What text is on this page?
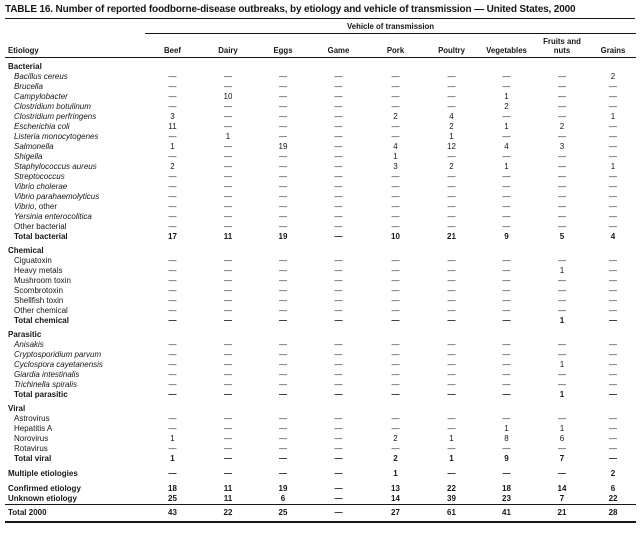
TABLE 16. Number of reported foodborne-disease outbreaks, by etiology and vehicle of transmission — United States, 2000
	Vehicle of transmission								
Etiology	Beef	Dairy	Eggs	Game	Pork	Poultry	Vegetables	Fruits and nuts	Grains
Bacterial									
Bacillus cereus	—	—	—	—	—	—	—	—	2
Brucella	—	—	—	—	—	—	—	—	—
Campylobacter	—	10	—	—	—	—	1	—	—
Clostridium botulinum	—	—	—	—	—	—	2	—	—
Clostridium perfringens	3	—	—	—	2	4	—	—	1
Escherichia coli	11	—	—	—	—	2	1	2	—
Listeria monocytogenes	—	1	—	—	—	1	—	—	—
Salmonella	1	—	19	—	4	12	4	3	—
Shigella	—	—	—	—	1	—	—	—	—
Staphylococcus aureus	2	—	—	—	3	2	1	—	1
Streptococcus	—	—	—	—	—	—	—	—	—
Vibrio cholerae	—	—	—	—	—	—	—	—	—
Vibrio parahaemolyticus	—	—	—	—	—	—	—	—	—
Vibrio, other	—	—	—	—	—	—	—	—	—
Yersinia enterocolitica	—	—	—	—	—	—	—	—	—
Other bacterial	—	—	—	—	—	—	—	—	—
Total bacterial	17	11	19	—	10	21	9	5	4
Chemical									
Ciguatoxin	—	—	—	—	—	—	—	—	—
Heavy metals	—	—	—	—	—	—	—	1	—
Mushroom toxin	—	—	—	—	—	—	—	—	—
Scombrotoxin	—	—	—	—	—	—	—	—	—
Shellfish toxin	—	—	—	—	—	—	—	—	—
Other chemical	—	—	—	—	—	—	—	—	—
Total chemical	—	—	—	—	—	—	—	1	—
Parasitic									
Anisakis	—	—	—	—	—	—	—	—	—
Cryptosporidium parvum	—	—	—	—	—	—	—	—	—
Cyclospora cayetanensis	—	—	—	—	—	—	—	1	—
Giardia intestinalis	—	—	—	—	—	—	—	—	—
Trichinella spiralis	—	—	—	—	—	—	—	—	—
Total parasitic	—	—	—	—	—	—	—	1	—
Viral									
Astrovirus	—	—	—	—	—	—	—	—	—
Hepatitis A	—	—	—	—	—	—	1	1	—
Norovirus	1	—	—	—	2	1	8	6	—
Rotavirus	—	—	—	—	—	—	—	—	—
Total viral	1	—	—	—	2	1	9	7	—
Multiple etiologies	—	—	—	—	1	—	—	—	2
Confirmed etiology	18	11	19	—	13	22	18	14	6
Unknown etiology	25	11	6	—	14	39	23	7	22
Total 2000	43	22	25	—	27	61	41	21	28
